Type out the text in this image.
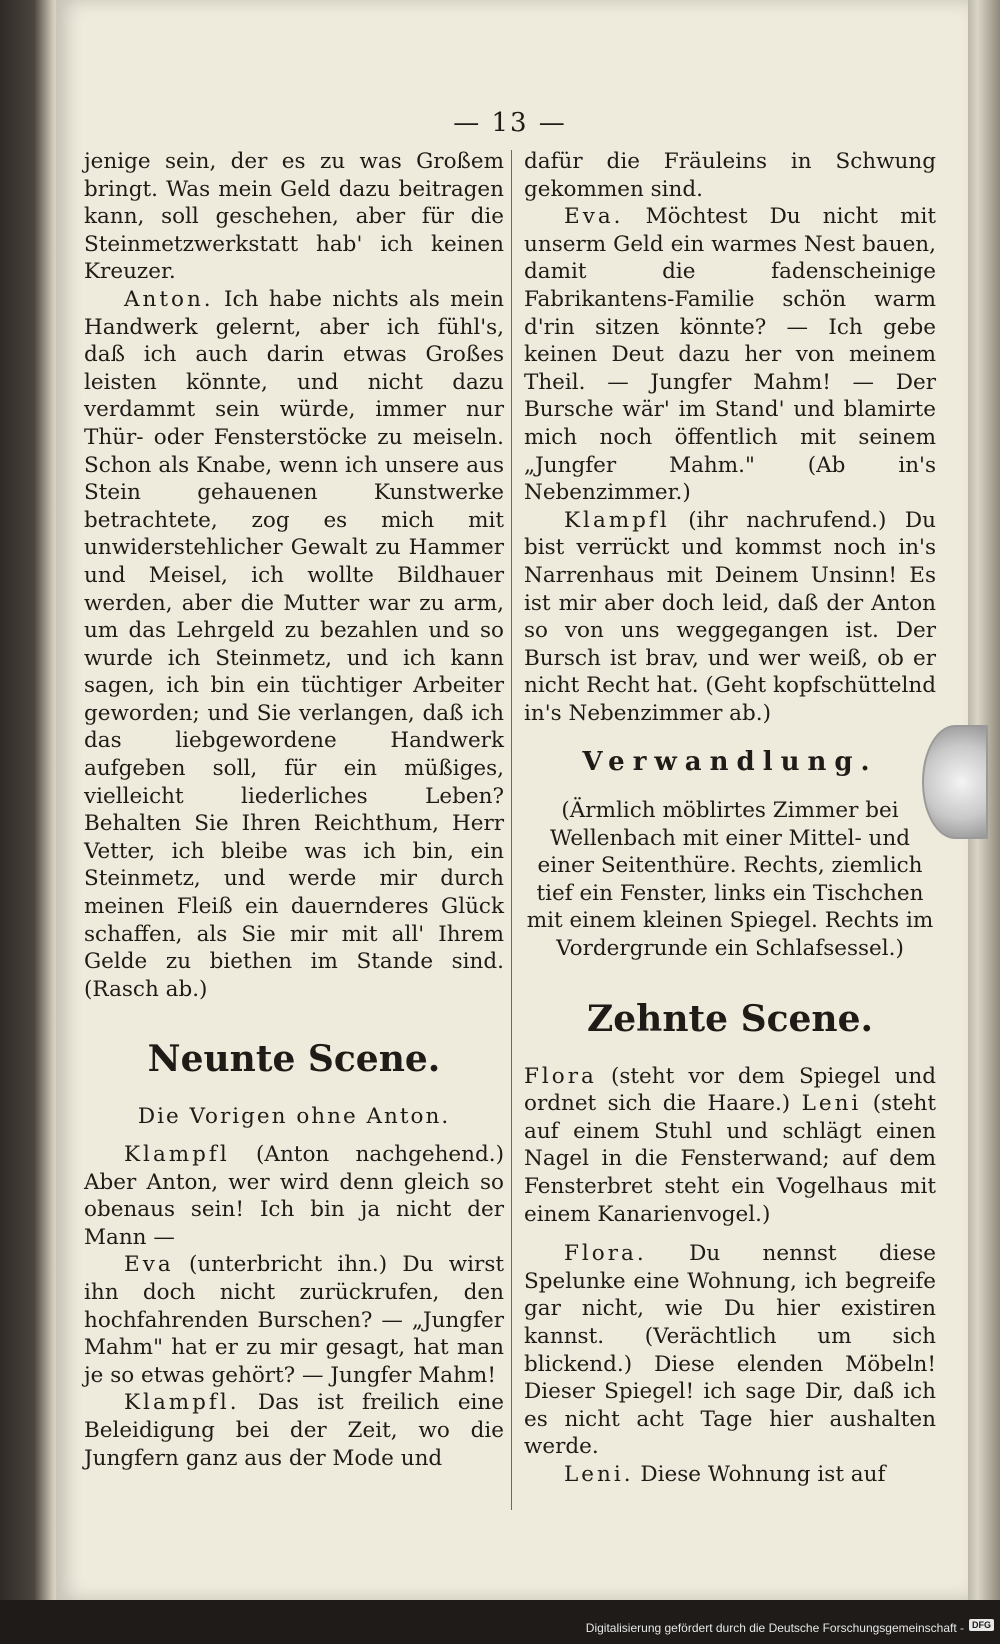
— 13 —

jenige sein, der es zu was Großem bringt. Was mein Geld dazu beitragen kann, soll geschehen, aber für die Steinmetzwerkstatt hab' ich keinen Kreuzer.

Anton. Ich habe nichts als mein Handwerk gelernt, aber ich fühl's, daß ich auch darin etwas Großes leisten könnte, und nicht dazu verdammt sein würde, immer nur Thür- oder Fensterstöcke zu meiseln. Schon als Knabe, wenn ich unsere aus Stein gehauenen Kunstwerke betrachtete, zog es mich mit unwiderstehlicher Gewalt zu Hammer und Meisel, ich wollte Bildhauer werden, aber die Mutter war zu arm, um das Lehrgeld zu bezahlen und so wurde ich Steinmetz, und ich kann sagen, ich bin ein tüchtiger Arbeiter geworden; und Sie verlangen, daß ich das liebgewordene Handwerk aufgeben soll, für ein müßiges, vielleicht liederliches Leben? Behalten Sie Ihren Reichthum, Herr Vetter, ich bleibe was ich bin, ein Steinmetz, und werde mir durch meinen Fleiß ein dauernderes Glück schaffen, als Sie mir mit all' Ihrem Gelde zu biethen im Stande sind. (Rasch ab.)

Neunte Scene.
Die Vorigen ohne Anton.

Klampfl (Anton nachgehend.) Aber Anton, wer wird denn gleich so obenaus sein! Ich bin ja nicht der Mann —

Eva (unterbricht ihn.) Du wirst ihn doch nicht zurückrufen, den hochfahrenden Burschen? — „Jungfer Mahm" hat er zu mir gesagt, hat man je so etwas gehört? — Jungfer Mahm!

Klampfl. Das ist freilich eine Beleidigung bei der Zeit, wo die Jungfern ganz aus der Mode und

dafür die Fräuleins in Schwung gekommen sind.

Eva. Möchtest Du nicht mit unserm Geld ein warmes Nest bauen, damit die fadenscheinige Fabrikantens-Familie schön warm d'rin sitzen könnte? — Ich gebe keinen Deut dazu her von meinem Theil. — Jungfer Mahm! — Der Bursche wär' im Stand' und blamirte mich noch öffentlich mit seinem „Jungfer Mahm." (Ab in's Nebenzimmer.)

Klampfl (ihr nachrufend.) Du bist verrückt und kommst noch in's Narrenhaus mit Deinem Unsinn! Es ist mir aber doch leid, daß der Anton so von uns weggegangen ist. Der Bursch ist brav, und wer weiß, ob er nicht Recht hat. (Geht kopfschüttelnd in's Nebenzimmer ab.)

Verwandlung.

(Ärmlich möblirtes Zimmer bei Wellenbach mit einer Mittel- und einer Seitenthüre. Rechts, ziemlich tief ein Fenster, links ein Tischchen mit einem kleinen Spiegel. Rechts im Vordergrunde ein Schlafsessel.)

Zehnte Scene.

Flora (steht vor dem Spiegel und ordnet sich die Haare.) Leni (steht auf einem Stuhl und schlägt einen Nagel in die Fensterwand; auf dem Fensterbret steht ein Vogelhaus mit einem Kanarienvogel.)

Flora. Du nennst diese Spelunke eine Wohnung, ich begreife gar nicht, wie Du hier existiren kannst. (Verächtlich um sich blickend.) Diese elenden Möbeln! Dieser Spiegel! ich sage Dir, daß ich es nicht acht Tage hier aushalten werde.

Leni. Diese Wohnung ist auf

Digitalisierung gefördert durch die Deutsche Forschungsgemeinschaft - DFG
